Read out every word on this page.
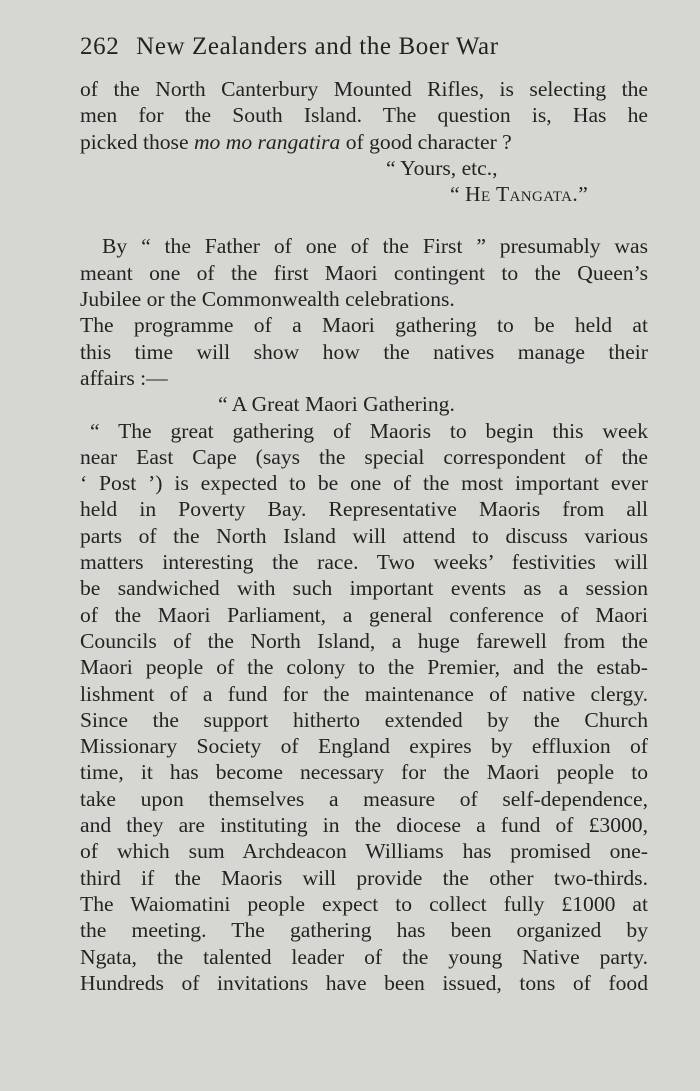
262 New Zealanders and the Boer War
of the North Canterbury Mounted Rifles, is selecting the
men for the South Island. The question is, Has he
picked those mo mo rangatira of good character ?
“ Yours, etc.,
“ He Tangata.”
By “ the Father of one of the First ” presumably was
meant one of the first Maori contingent to the Queen’s
Jubilee or the Commonwealth celebrations.
The programme of a Maori gathering to be held at
this time will show how the natives manage their
affairs :—
“ A Great Maori Gathering.
“ The great gathering of Maoris to begin this week
near East Cape (says the special correspondent of the
‘ Post ’) is expected to be one of the most important ever
held in Poverty Bay. Representative Maoris from all
parts of the North Island will attend to discuss various
matters interesting the race. Two weeks’ festivities will
be sandwiched with such important events as a session
of the Maori Parliament, a general conference of Maori
Councils of the North Island, a huge farewell from the
Maori people of the colony to the Premier, and the estab-
lishment of a fund for the maintenance of native clergy.
Since the support hitherto extended by the Church
Missionary Society of England expires by effluxion of
time, it has become necessary for the Maori people to
take upon themselves a measure of self-dependence,
and they are instituting in the diocese a fund of £3000,
of which sum Archdeacon Williams has promised one-
third if the Maoris will provide the other two-thirds.
The Waiomatini people expect to collect fully £1000 at
the meeting. The gathering has been organized by
Ngata, the talented leader of the young Native party.
Hundreds of invitations have been issued, tons of food
